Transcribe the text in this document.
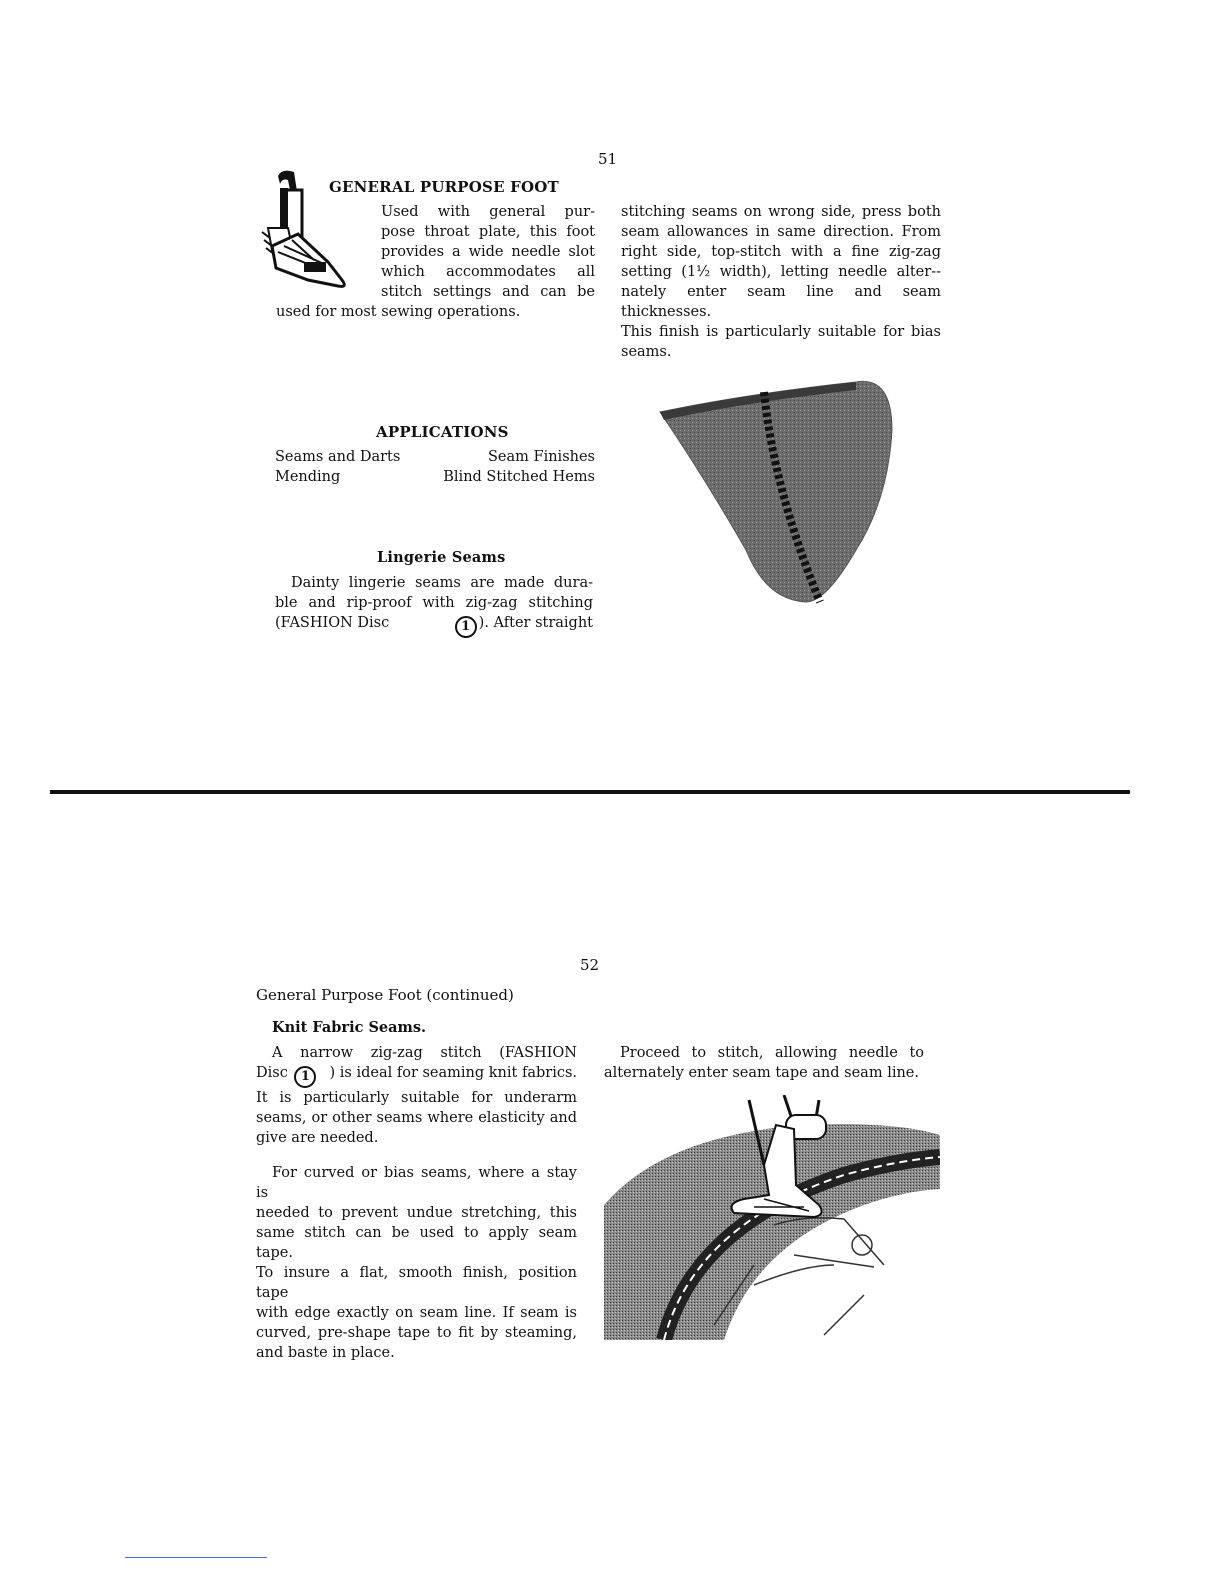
51
GENERAL PURPOSE FOOT
Used with general pur-
pose throat plate, this foot
provides a wide needle slot
which accommodates all
stitch settings and can be
used for most sewing operations.
stitching seams on wrong side, press both
seam allowances in same direction. From
right side, top-stitch with a fine zig-zag
setting (1½ width), letting needle alter--
nately enter seam line and seam thicknesses.
This finish is particularly suitable for bias
seams.
APPLICATIONS
Seams and Darts	Seam Finishes
Mending	Blind Stitched Hems
Lingerie Seams
Dainty lingerie seams are made dura-
ble and rip-proof with zig-zag stitching
(FASHION Disc	1 ). After straight
52
General Purpose Foot (continued)
Knit Fabric Seams.
A narrow zig-zag stitch (FASHION
Disc 1	) is ideal for seaming knit fabrics.
It is particularly suitable for underarm
seams, or other seams where elasticity and
give are needed.
For curved or bias seams, where a stay is
needed to prevent undue stretching, this
same stitch can be used to apply seam tape.
To insure a flat, smooth finish, position tape
with edge exactly on seam line. If seam is
curved, pre-shape tape to fit by steaming,
and baste in place.
Proceed to stitch, allowing needle to
alternately enter seam tape and seam line.
